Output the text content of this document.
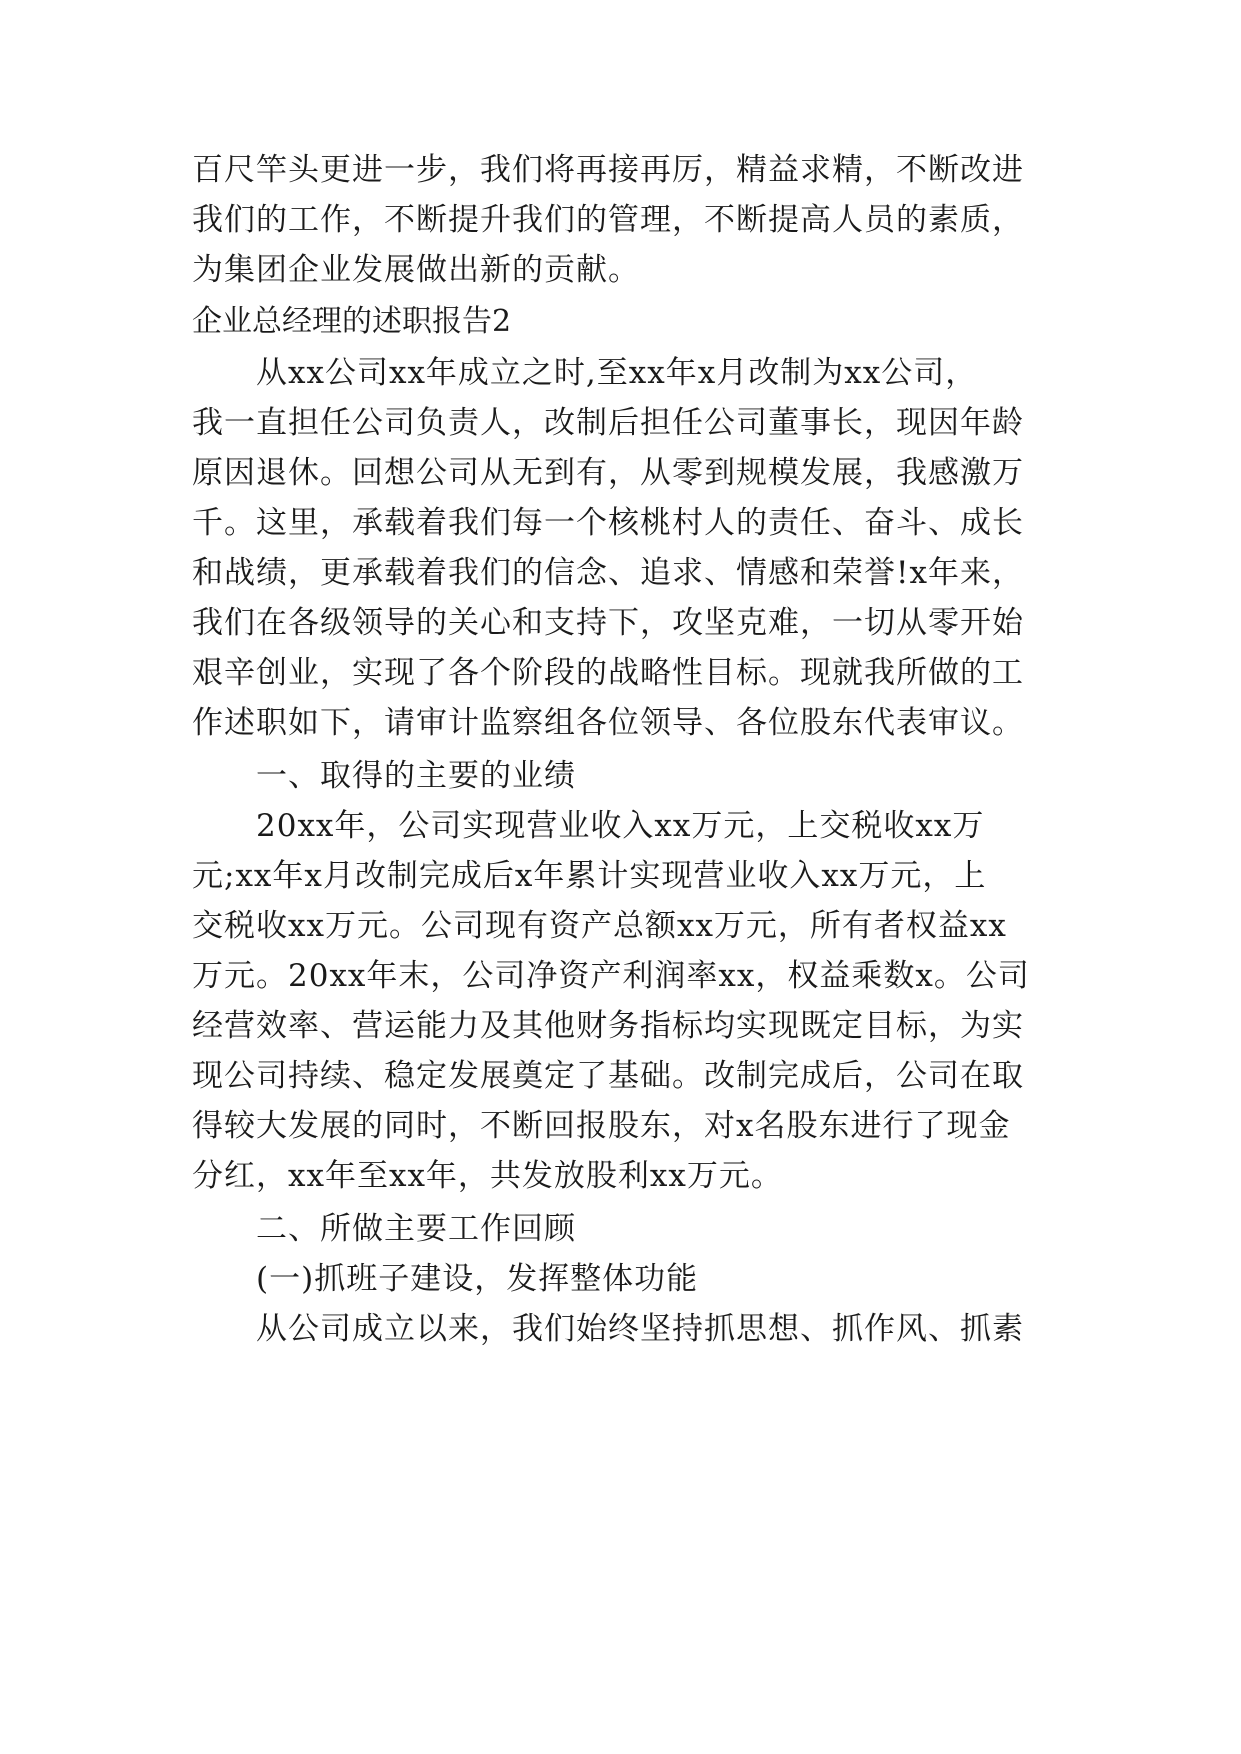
百尺竿头更进一步，我们将再接再厉，精益求精，不断改进
我们的工作，不断提升我们的管理，不断提高人员的素质，
为集团企业发展做出新的贡献。
企业总经理的述职报告2
　　从xx公司xx年成立之时,至xx年x月改制为xx公司，
我一直担任公司负责人，改制后担任公司董事长，现因年龄
原因退休。回想公司从无到有，从零到规模发展，我感激万
千。这里，承载着我们每一个核桃村人的责任、奋斗、成长
和战绩，更承载着我们的信念、追求、情感和荣誉!x年来，
我们在各级领导的关心和支持下，攻坚克难，一切从零开始
艰辛创业，实现了各个阶段的战略性目标。现就我所做的工
作述职如下，请审计监察组各位领导、各位股东代表审议。
　　一、取得的主要的业绩
　　20xx年，公司实现营业收入xx万元，上交税收xx万
元;xx年x月改制完成后x年累计实现营业收入xx万元，上
交税收xx万元。公司现有资产总额xx万元，所有者权益xx
万元。20xx年末，公司净资产利润率xx，权益乘数x。公司
经营效率、营运能力及其他财务指标均实现既定目标，为实
现公司持续、稳定发展奠定了基础。改制完成后，公司在取
得较大发展的同时，不断回报股东，对x名股东进行了现金
分红，xx年至xx年，共发放股利xx万元。
　　二、所做主要工作回顾
　　(一)抓班子建设，发挥整体功能
　　从公司成立以来，我们始终坚持抓思想、抓作风、抓素
